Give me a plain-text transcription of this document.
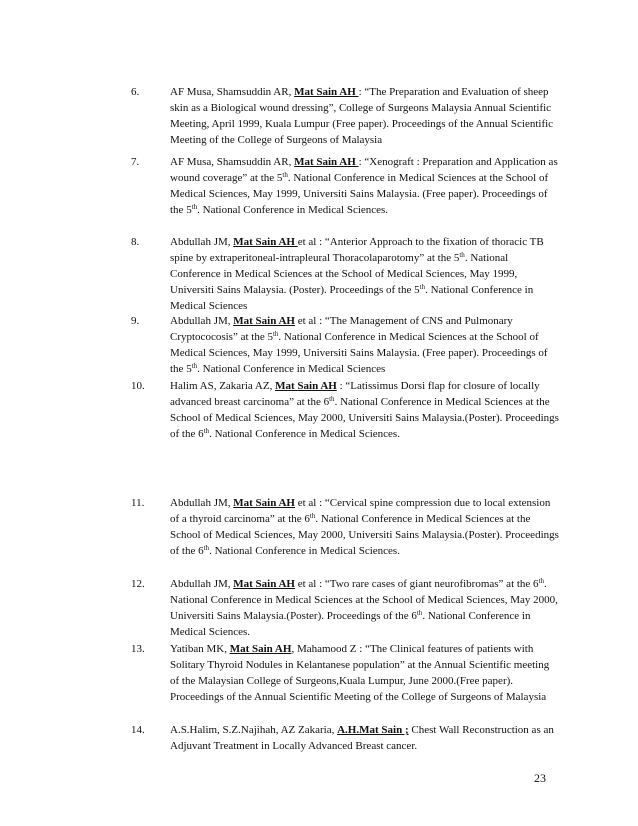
6.	AF Musa, Shamsuddin AR, Mat Sain AH : “The Preparation and Evaluation of sheep skin as a Biological wound dressing”, College of Surgeons Malaysia Annual Scientific Meeting, April 1999, Kuala Lumpur (Free paper). Proceedings of the Annual Scientific Meeting of the College of Surgeons of Malaysia

7.	AF Musa, Shamsuddin AR, Mat Sain AH : “Xenograft : Preparation and Application as wound coverage” at the 5th. National Conference in Medical Sciences at the School of Medical Sciences, May 1999, Universiti Sains Malaysia. (Free paper). Proceedings of the 5th. National Conference in Medical Sciences.

8.	Abdullah JM, Mat Sain AH et al : “Anterior Approach to the fixation of thoracic TB spine by extraperitoneal-intrapleural Thoracolaparotomy” at the 5th. National Conference in Medical Sciences at the School of Medical Sciences, May 1999, Universiti Sains Malaysia. (Poster). Proceedings of the 5th. National Conference in Medical Sciences

9.	Abdullah JM, Mat Sain AH et al : “The Management of CNS and Pulmonary Cryptococosis” at the 5th. National Conference in Medical Sciences at the School of Medical Sciences, May 1999, Universiti Sains Malaysia. (Free paper). Proceedings of the 5th. National Conference in Medical Sciences

10. Halim AS, Zakaria AZ, Mat Sain AH : “Latissimus Dorsi flap for closure of locally advanced breast carcinoma” at the 6th. National Conference in Medical Sciences at the School of Medical Sciences, May 2000, Universiti Sains Malaysia.(Poster). Proceedings of the 6th. National Conference in Medical Sciences.

11. Abdullah JM, Mat Sain AH et al : “Cervical spine compression due to local extension of a thyroid carcinoma” at the 6th. National Conference in Medical Sciences at the School of Medical Sciences, May 2000, Universiti Sains Malaysia.(Poster). Proceedings of the 6th. National Conference in Medical Sciences.

12. Abdullah JM, Mat Sain AH et al : “Two rare cases of giant neurofibromas” at the 6th. National Conference in Medical Sciences at the School of Medical Sciences, May 2000, Universiti Sains Malaysia.(Poster). Proceedings of the 6th. National Conference in Medical Sciences.

13. Yatiban MK, Mat Sain AH, Mahamood Z : “The Clinical features of patients with Solitary Thyroid Nodules in Kelantanese population” at the Annual Scientific meeting of the Malaysian College of Surgeons,Kuala Lumpur, June 2000.(Free paper). Proceedings of the Annual Scientific Meeting of the College of Surgeons of Malaysia

14. A.S.Halim, S.Z.Najihah, AZ Zakaria, A.H.Mat Sain ; Chest Wall Reconstruction as an Adjuvant Treatment in Locally Advanced Breast cancer.

23
